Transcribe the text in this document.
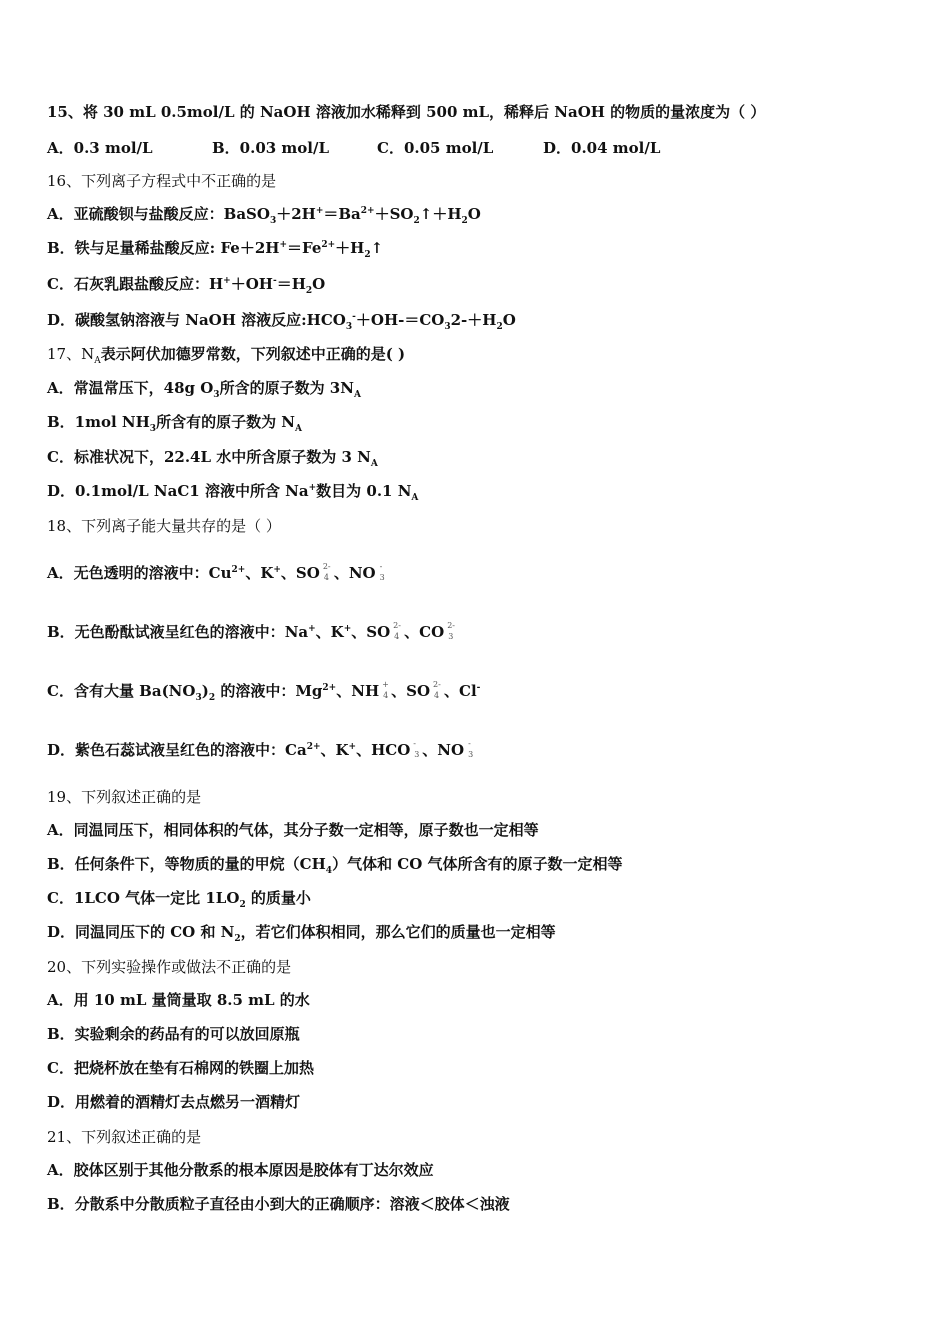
15、将 30 mL 0.5mol/L 的 NaOH 溶液加水稀释到 500 mL，稀释后 NaOH 的物质的量浓度为（ ）
A．0.3 mol/L	B．0.03 mol/L	C．0.05 mol/L	D．0.04 mol/L
16、下列离子方程式中不正确的是
A．亚硫酸钡与盐酸反应：$BaSO_3+2H^+=Ba^{2+}+SO_2↑+H_2O$
B．铁与足量稀盐酸反应: $Fe+2H^+=Fe^{2+}+H_2↑$
C．石灰乳跟盐酸反应：$H^++OH^-=H_2O$
D．碳酸氢钠溶液与 NaOH 溶液反应$:HCO_3^-+OH-=CO_32-+H_2O$
17、$N_A$表示阿伏加德罗常数，下列叙述中正确的是( )
A．常温常压下，48g $O_3$所含的原子数为 $3N_A$
B．1mol $NH_3$所含有的原子数为 $N_A$
C．标准状况下，22.4L 水中所含原子数为 3 $N_A$
D．0.1mol/L NaC1 溶液中所含 Na+数目为 0.1 $N_A$
18、下列离子能大量共存的是（ ）
A．无色透明的溶液中：$Cu^{2+}$、K+、SO 2-
4 、NO -
3
B．无色酚酞试液呈红色的溶液中：Na+、K+、SO 2-
4 、CO 2-
3
C．含有大量 $Ba(NO_3)_2$ 的溶液中：$Mg^{2+}$、NH +
4 、SO 2-
4 、Cl-
D．紫色石蕊试液呈红色的溶液中：$Ca^{2+}$、K+、HCO -
3 、NO -
3
19、下列叙述正确的是
A．同温同压下，相同体积的气体，其分子数一定相等，原子数也一定相等
B．任何条件下，等物质的量的甲烷$(CH_4)$气体和 CO 气体所含有的原子数一定相等
C．1LCO 气体一定比 $1LO_2$ 的质量小
D．同温同压下的 CO 和 $N_2$，若它们体积相同，那么它们的质量也一定相等
20、下列实验操作或做法不正确的是
A．用 10 mL 量筒量取 8.5 mL 的水
B．实验剩余的药品有的可以放回原瓶
C．把烧杯放在垫有石棉网的铁圈上加热
D．用燃着的酒精灯去点燃另一酒精灯
21、下列叙述正确的是
A．胶体区别于其他分散系的根本原因是胶体有丁达尔效应
B．分散系中分散质粒子直径由小到大的正确顺序：溶液＜胶体＜浊液
